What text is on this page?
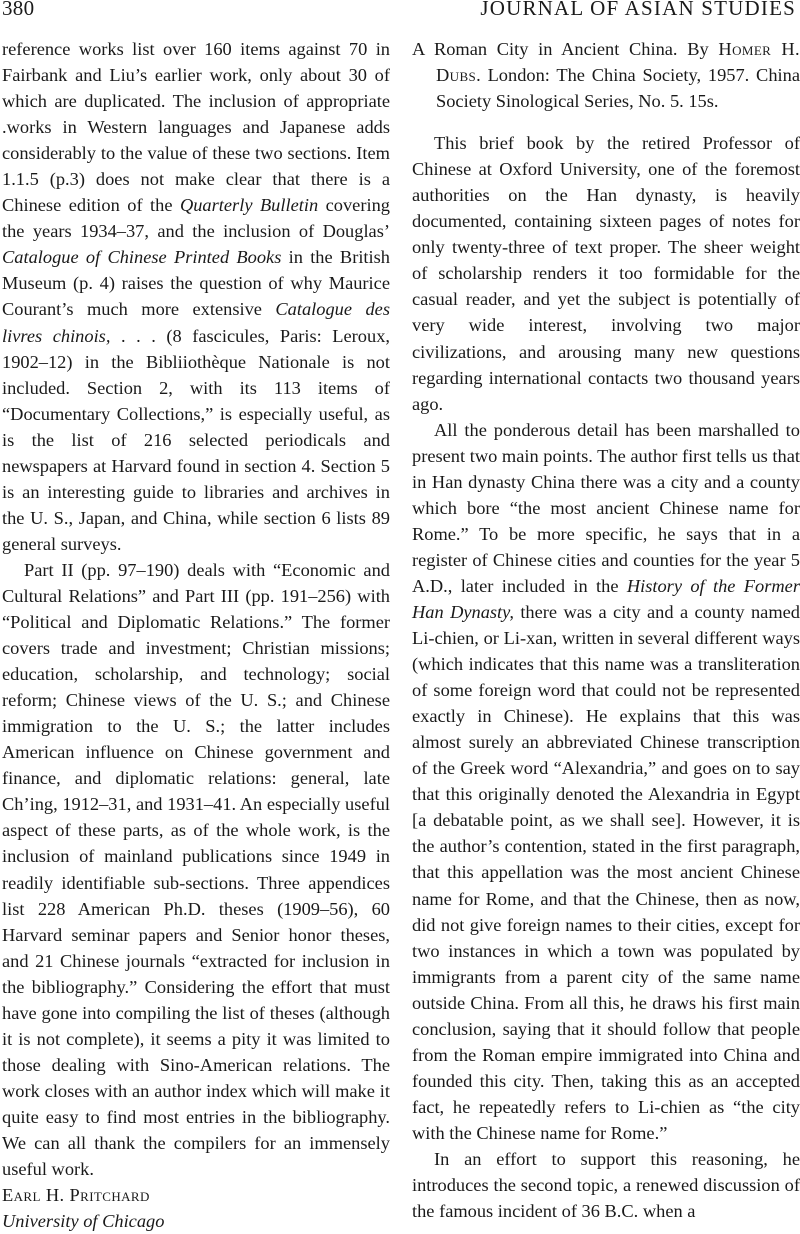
380	JOURNAL OF ASIAN STUDIES

reference works list over 160 items against 70 in Fairbank and Liu’s earlier work, only about 30 of which are duplicated. The inclusion of appropriate .works in Western languages and Japanese adds considerably to the value of these two sections. Item 1.1.5 (p.3) does not make clear that there is a Chinese edition of the Quarterly Bulletin covering the years 1934–37, and the inclusion of Douglas’ Catalogue of Chinese Printed Books in the British Museum (p. 4) raises the question of why Maurice Courant’s much more extensive Catalogue des livres chinois, . . . (8 fascicules, Paris: Leroux, 1902–12) in the Bibliiothèque Nationale is not included. Section 2, with its 113 items of “Documentary Collections,” is especially useful, as is the list of 216 selected periodicals and newspapers at Harvard found in section 4. Section 5 is an interesting guide to libraries and archives in the U. S., Japan, and China, while section 6 lists 89 general surveys.

Part II (pp. 97–190) deals with “Economic and Cultural Relations” and Part III (pp. 191–256) with “Political and Diplomatic Relations.” The former covers trade and investment; Christian missions; education, scholarship, and technology; social reform; Chinese views of the U. S.; and Chinese immigration to the U. S.; the latter includes American influence on Chinese government and finance, and diplomatic relations: general, late Ch’ing, 1912–31, and 1931–41. An especially useful aspect of these parts, as of the whole work, is the inclusion of mainland publications since 1949 in readily identifiable sub-sections. Three appendices list 228 American Ph.D. theses (1909–56), 60 Harvard seminar papers and Senior honor theses, and 21 Chinese journals “extracted for inclusion in the bibliography.” Considering the effort that must have gone into compiling the list of theses (although it is not complete), it seems a pity it was limited to those dealing with Sino-American relations. The work closes with an author index which will make it quite easy to find most entries in the bibliography. We can all thank the compilers for an immensely useful work.

Earl H. Pritchard

University of Chicago

A Roman City in Ancient China. By Homer H. Dubs. London: The China Society, 1957. China Society Sinological Series, No. 5. 15s.

This brief book by the retired Professor of Chinese at Oxford University, one of the foremost authorities on the Han dynasty, is heavily documented, containing sixteen pages of notes for only twenty-three of text proper. The sheer weight of scholarship renders it too formidable for the casual reader, and yet the subject is potentially of very wide interest, involving two major civilizations, and arousing many new questions regarding international contacts two thousand years ago.

All the ponderous detail has been marshalled to present two main points. The author first tells us that in Han dynasty China there was a city and a county which bore “the most ancient Chinese name for Rome.” To be more specific, he says that in a register of Chinese cities and counties for the year 5 A.D., later included in the History of the Former Han Dynasty, there was a city and a county named Li-chien, or Li-xan, written in several different ways (which indicates that this name was a transliteration of some foreign word that could not be represented exactly in Chinese). He explains that this was almost surely an abbreviated Chinese transcription of the Greek word “Alexandria,” and goes on to say that this originally denoted the Alexandria in Egypt [a debatable point, as we shall see]. However, it is the author’s contention, stated in the first paragraph, that this appellation was the most ancient Chinese name for Rome, and that the Chinese, then as now, did not give foreign names to their cities, except for two instances in which a town was populated by immigrants from a parent city of the same name outside China. From all this, he draws his first main conclusion, saying that it should follow that people from the Roman empire immigrated into China and founded this city. Then, taking this as an accepted fact, he repeatedly refers to Li-chien as “the city with the Chinese name for Rome.”

In an effort to support this reasoning, he introduces the second topic, a renewed discussion of the famous incident of 36 B.C. when a
